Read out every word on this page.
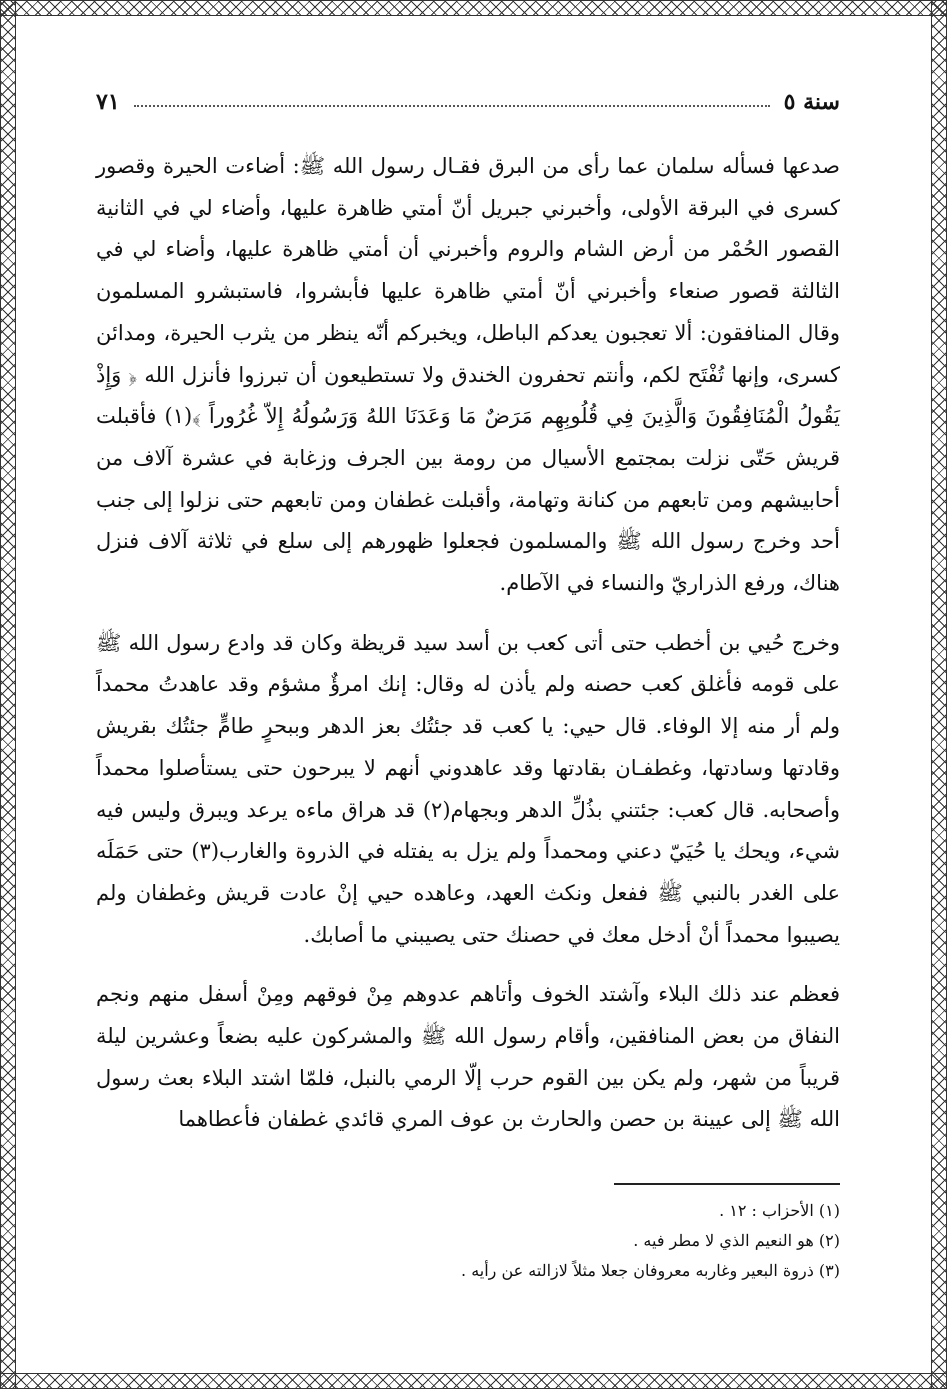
سنة ٥
٧١

صدعها فسأله سلمان عما رأى من البرق فقـال رسول الله ﷺ: أضاءت الحيرة وقصور كسرى في البرقة الأولى، وأخبرني جبريل أنّ أمتي ظاهرة عليها، وأضاء لي في الثانية القصور الحُمْر من أرض الشام والروم وأخبرني أن أمتي ظاهرة عليها، وأضاء لي في الثالثة قصور صنعاء وأخبرني أنّ أمتي ظاهرة عليها فأبشروا، فاستبشرو المسلمون وقال المنافقون: ألا تعجبون يعدكم الباطل، ويخبركم أنّه ينظر من يثرب الحيرة، ومدائن كسرى، وإنها تُفْتَح لكم، وأنتم تحفرون الخندق ولا تستطيعون أن تبرزوا فأنزل الله ﴿ وَإِذْ يَقُولُ الْمُنَافِقُونَ وَالَّذِينَ فِي قُلُوبِهِم مَرَضٌ مَا وَعَدَنَا اللهُ وَرَسُولُهُ إِلاّ غُرُوراً ﴾(١) فأقبلت قريش حَتّى نزلت بمجتمع الأسيال من رومة بين الجرف وزغابة في عشرة آلاف من أحابيشهم ومن تابعهم من كنانة وتهامة، وأقبلت غطفان ومن تابعهم حتى نزلوا إلى جنب أحد وخرج رسول الله ﷺ والمسلمون فجعلوا ظهورهم إلى سلع في ثلاثة آلاف فنزل هناك، ورفع الذراريّ والنساء في الآطام.

وخرج حُيي بن أخطب حتى أتى كعب بن أسد سيد قريظة وكان قد وادع رسول الله ﷺ على قومه فأغلق كعب حصنه ولم يأذن له وقال: إنك امرؤٌ مشؤم وقد عاهدتُ محمداً ولم أر منه إلا الوفاء. قال حيي: يا كعب قد جئتُك بعز الدهر وببحرٍ طامٍّ جئتُك بقريش وقادتها وسادتها، وغطفـان بقادتها وقد عاهدوني أنهم لا يبرحون حتى يستأصلوا محمداً وأصحابه. قال كعب: جئتني بذُلِّ الدهر وبجهام(٢) قد هراق ماءه يرعد ويبرق وليس فيه شيء، ويحك يا حُيَيّ دعني ومحمداً ولم يزل به يفتله في الذروة والغارب(٣) حتى حَمَلَه على الغدر بالنبي ﷺ ففعل ونكث العهد، وعاهده حيي إنْ عادت قريش وغطفان ولم يصيبوا محمداً أنْ أدخل معك في حصنك حتى يصيبني ما أصابك.

فعظم عند ذلك البلاء وآشتد الخوف وأتاهم عدوهم مِنْ فوقهم ومِنْ أسفل منهم ونجم النفاق من بعض المنافقين، وأقام رسول الله ﷺ والمشركون عليه بضعاً وعشرين ليلة قريباً من شهر، ولم يكن بين القوم حرب إلّا الرمي بالنبل، فلمّا اشتد البلاء بعث رسول الله ﷺ إلى عيينة بن حصن والحارث بن عوف المري قائدي غطفان فأعطاهما

(١) الأحزاب : ١٢ .
(٢) هو النعيم الذي لا مطر فيه .
(٣) ذروة البعير وغاربه معروفان جعلا مثلاً لازالته عن رأيه .
